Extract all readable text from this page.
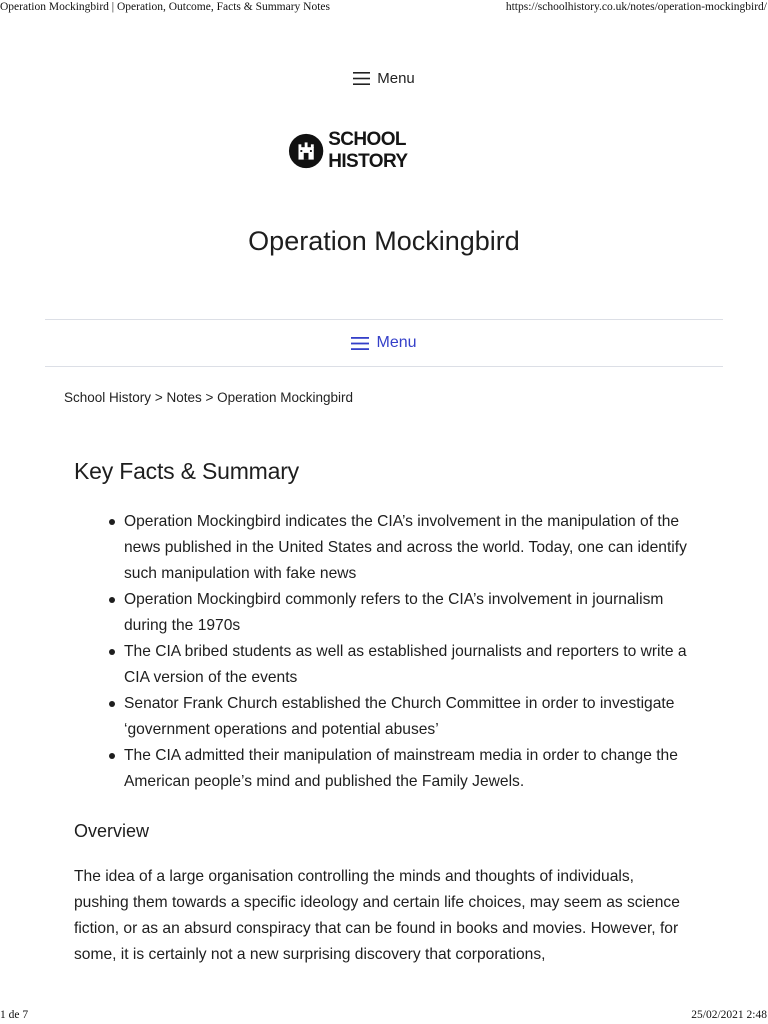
Operation Mockingbird | Operation, Outcome, Facts & Summary Notes	https://schoolhistory.co.uk/notes/operation-mockingbird/
Menu
SCHOOL HISTORY
Operation Mockingbird
Menu
School History > Notes > Operation Mockingbird
Key Facts & Summary
Operation Mockingbird indicates the CIA’s involvement in the manipulation of the news published in the United States and across the world. Today, one can identify such manipulation with fake news
Operation Mockingbird commonly refers to the CIA’s involvement in journalism during the 1970s
The CIA bribed students as well as established journalists and reporters to write a CIA version of the events
Senator Frank Church established the Church Committee in order to investigate ‘government operations and potential abuses’
The CIA admitted their manipulation of mainstream media in order to change the American people’s mind and published the Family Jewels.
Overview

The idea of a large organisation controlling the minds and thoughts of individuals, pushing them towards a specific ideology and certain life choices, may seem as science fiction, or as an absurd conspiracy that can be found in books and movies. However, for some, it is certainly not a new surprising discovery that corporations,

1 de 7	25/02/2021 2:48
